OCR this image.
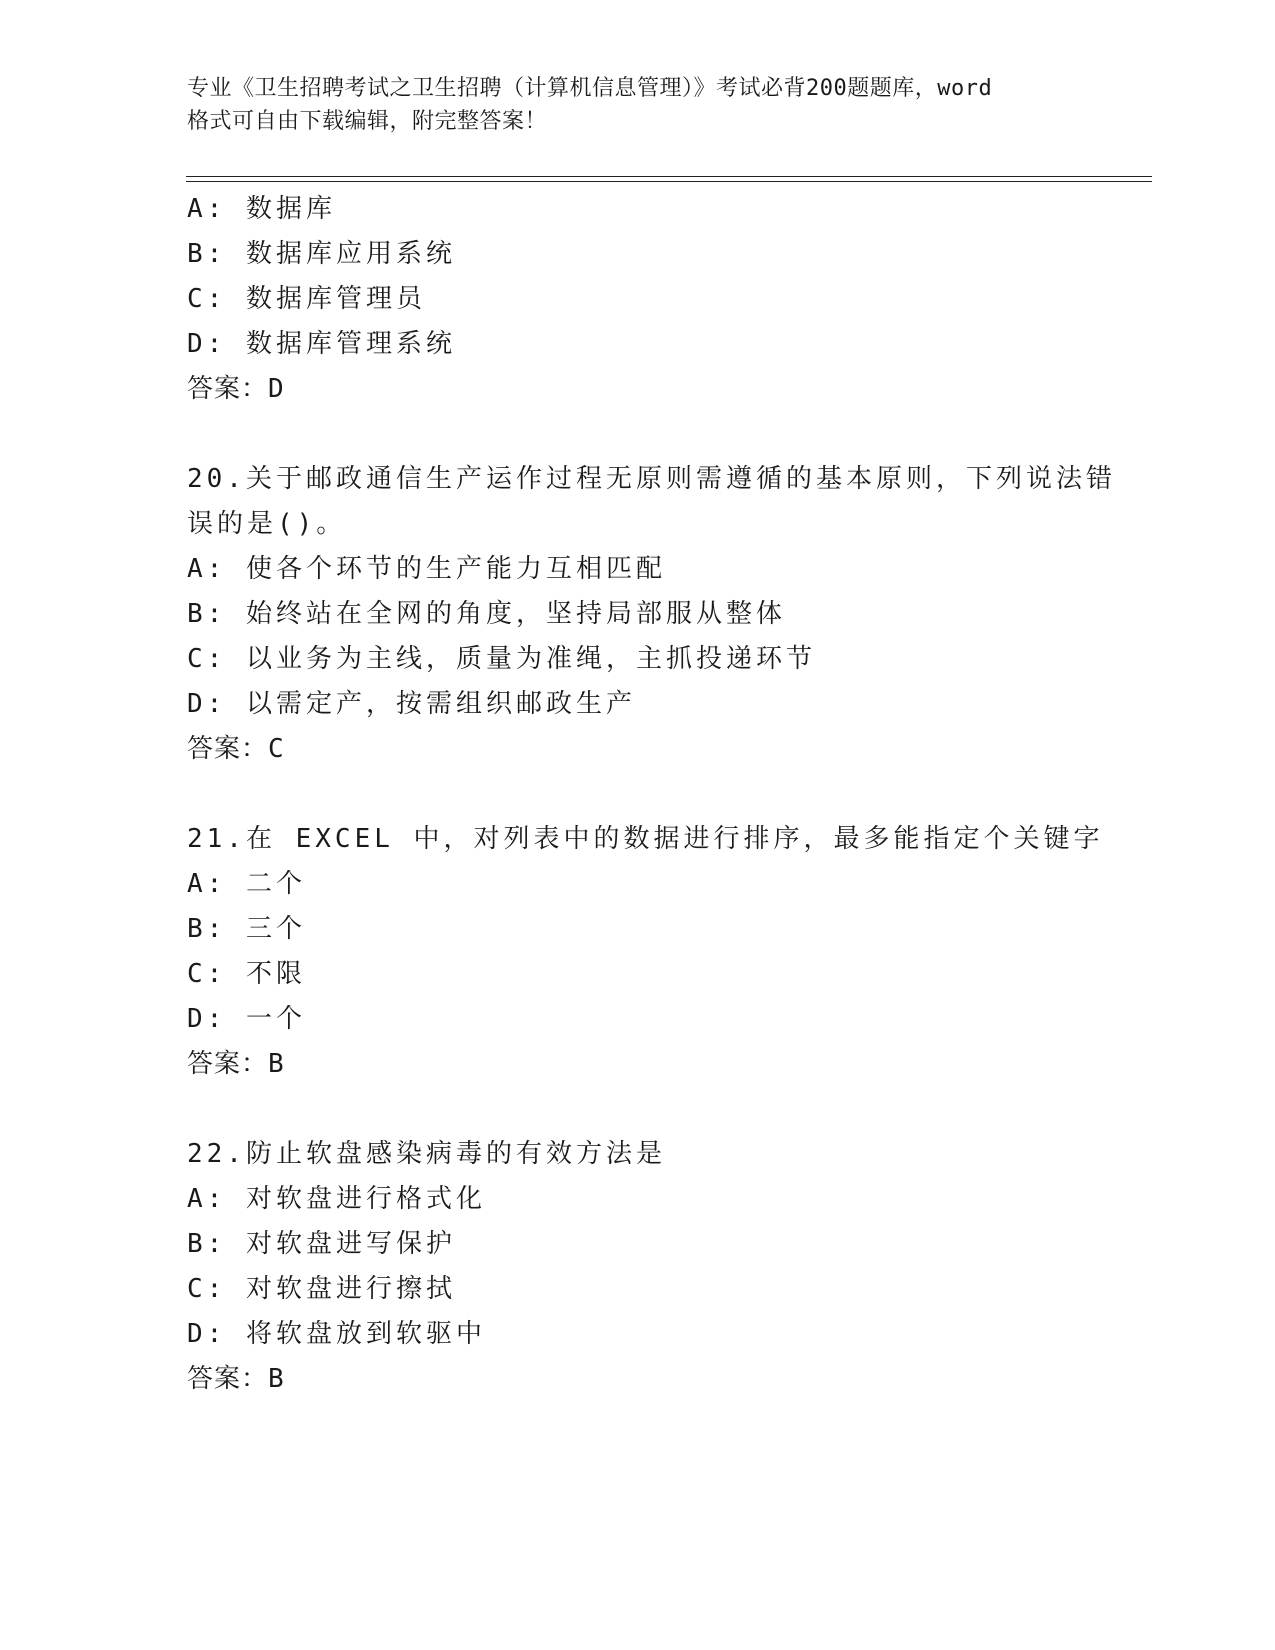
专业《卫生招聘考试之卫生招聘（计算机信息管理）》考试必背200题题库，word
格式可自由下载编辑，附完整答案！
A: 数据库
B: 数据库应用系统
C: 数据库管理员
D: 数据库管理系统
答案：D
20.关于邮政通信生产运作过程无原则需遵循的基本原则，下列说法错
误的是()。
A: 使各个环节的生产能力互相匹配
B: 始终站在全网的角度，坚持局部服从整体
C: 以业务为主线，质量为准绳，主抓投递环节
D: 以需定产，按需组织邮政生产
答案：C
21.在 EXCEL 中，对列表中的数据进行排序，最多能指定个关键字
A: 二个
B: 三个
C: 不限
D: 一个
答案：B
22.防止软盘感染病毒的有效方法是
A: 对软盘进行格式化
B: 对软盘进写保护
C: 对软盘进行擦拭
D: 将软盘放到软驱中
答案：B
